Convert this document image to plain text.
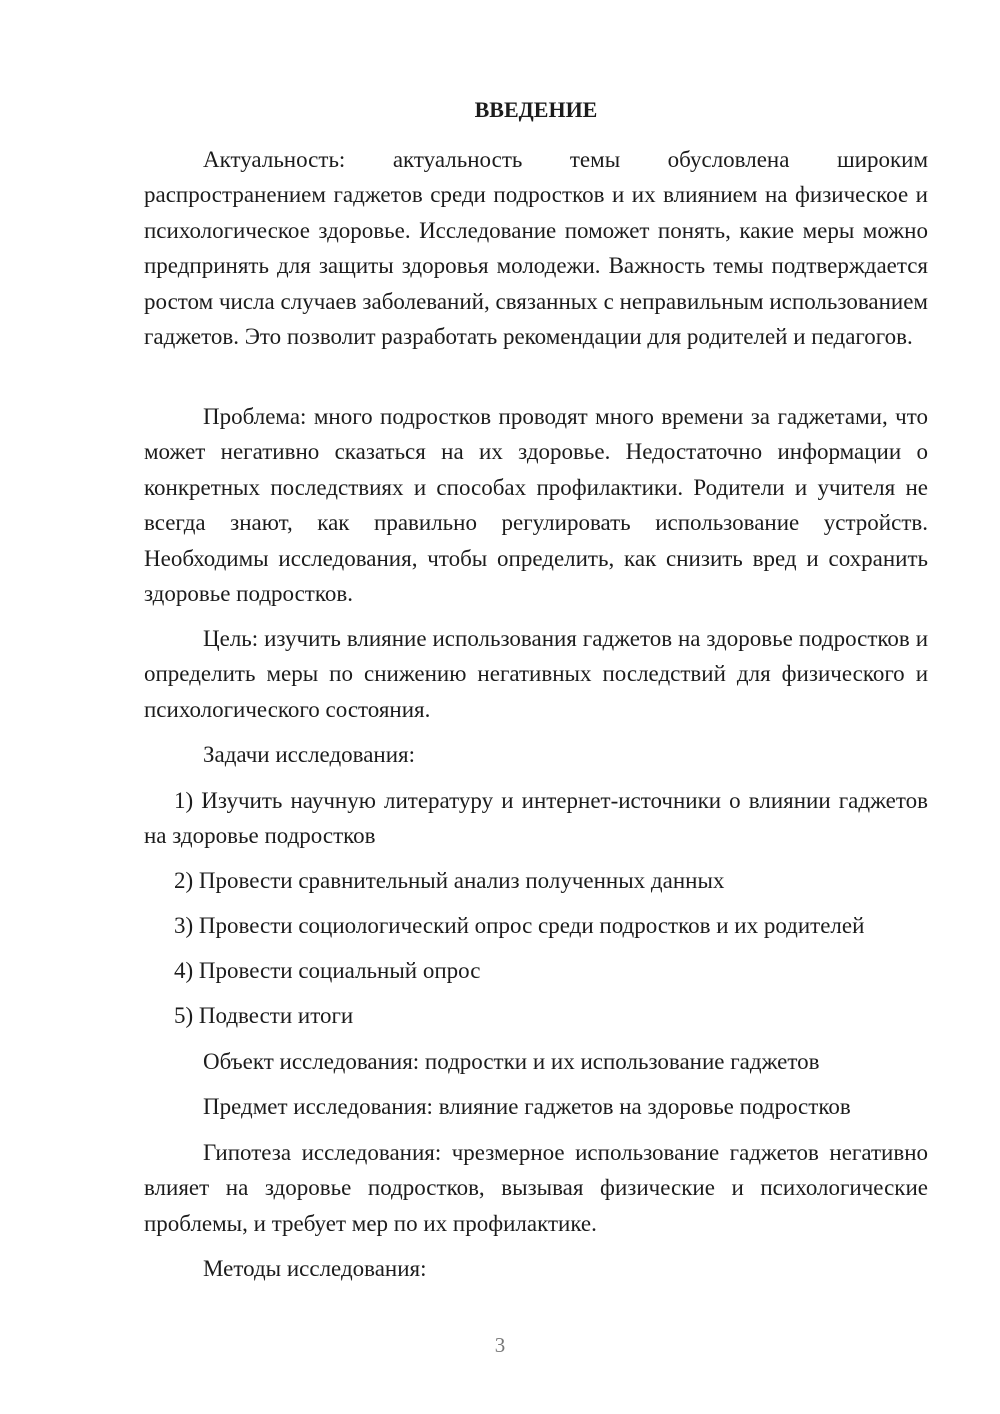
ВВЕДЕНИЕ

Актуальность: актуальность темы обусловлена широким распространением гаджетов среди подростков и их влиянием на физическое и психологическое здоровье. Исследование поможет понять, какие меры можно предпринять для защиты здоровья молодежи. Важность темы подтверждается ростом числа случаев заболеваний, связанных с неправильным использованием гаджетов. Это позволит разработать рекомендации для родителей и педагогов.

Проблема: много подростков проводят много времени за гаджетами, что может негативно сказаться на их здоровье. Недостаточно информации о конкретных последствиях и способах профилактики. Родители и учителя не всегда знают, как правильно регулировать использование устройств. Необходимы исследования, чтобы определить, как снизить вред и сохранить здоровье подростков.

Цель: изучить влияние использования гаджетов на здоровье подростков и определить меры по снижению негативных последствий для физического и психологического состояния.

Задачи исследования:

1) Изучить научную литературу и интернет-источники о влиянии гаджетов на здоровье подростков

2) Провести сравнительный анализ полученных данных

3) Провести социологический опрос среди подростков и их родителей

4) Провести социальный опрос

5) Подвести итоги

Объект исследования: подростки и их использование гаджетов

Предмет исследования: влияние гаджетов на здоровье подростков

Гипотеза исследования: чрезмерное использование гаджетов негативно влияет на здоровье подростков, вызывая физические и психологические проблемы, и требует мер по их профилактике.

Методы исследования:

3
